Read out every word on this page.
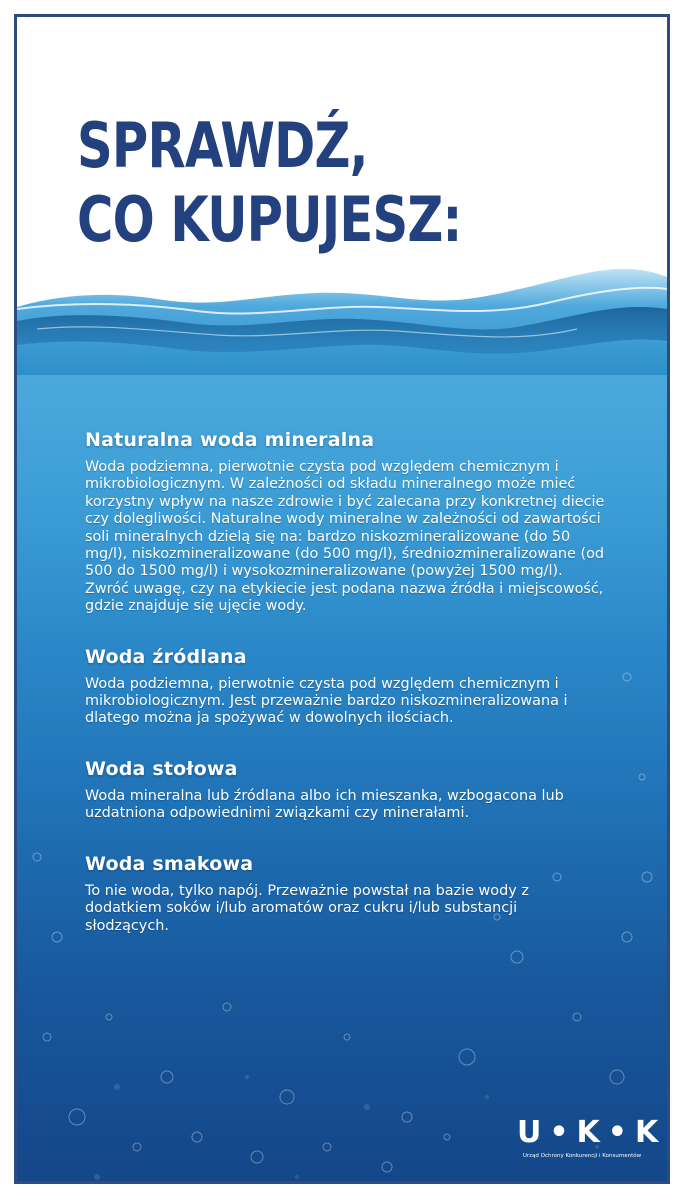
SPRAWDŹ,
CO KUPUJESZ:
Naturalna woda mineralna

Woda podziemna, pierwotnie czysta pod względem chemicznym i mikrobiologicznym. W zależności od składu mineralnego może mieć korzystny wpływ na nasze zdrowie i być zalecana przy konkretnej diecie czy dolegliwości. Naturalne wody mineralne w zależności od zawartości soli mineralnych dzielą się na: bardzo niskozmineralizowane (do 50 mg/l), niskozmineralizowane (do 500 mg/l), średniozmineralizowane (od 500 do 1500 mg/l) i wysokozmineralizowane (powyżej 1500 mg/l). Zwróć uwagę, czy na etykiecie jest podana nazwa źródła i miejscowość, gdzie znajduje się ujęcie wody.

Woda źródlana

Woda podziemna, pierwotnie czysta pod względem chemicznym i mikrobiologicznym. Jest przeważnie bardzo niskozmineralizowana i dlatego można ja spożywać w dowolnych ilościach.

Woda stołowa

Woda mineralna lub źródlana albo ich mieszanka, wzbogacona lub uzdatniona odpowiednimi związkami czy minerałami.

Woda smakowa

To nie woda, tylko napój. Przeważnie powstał na bazie wody z dodatkiem soków i/lub aromatów oraz cukru i/lub substancji słodzących.

U•K•K
Urząd Ochrony Konkurencji i Konsumentów
